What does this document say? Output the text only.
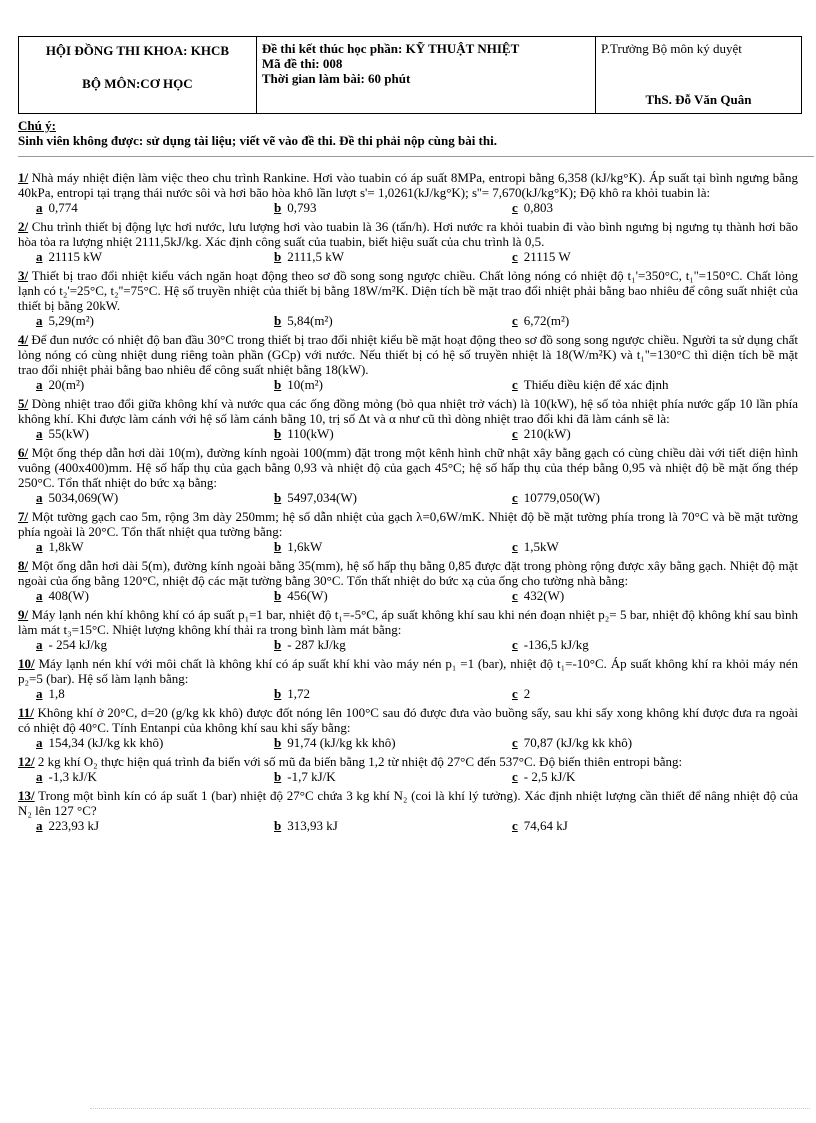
HỘI ĐỒNG THI KHOA: KHCB
BỘ MÔN:CƠ HỌC

Đề thi kết thúc học phần: KỸ THUẬT NHIỆT
Mã đề thi: 008
Thời gian làm bài: 60 phút

P.Trưởng Bộ môn ký duyệt
ThS. Đỗ Văn Quân
Chú ý:
Sinh viên không được: sử dụng tài liệu; viết vẽ vào đề thi. Đề thi phải nộp cùng bài thi.
1/ Nhà máy nhiệt điện làm việc theo chu trình Rankine. Hơi vào tuabin có áp suất 8MPa, entropi bằng 6,358 (kJ/kg°K). Áp suất tại bình ngưng bằng 40kPa, entropi tại trạng thái nước sôi và hơi bão hòa khô lần lượt s'= 1,0261(kJ/kg°K); s''= 7,670(kJ/kg°K); Độ khô ra khỏi tuabin là:
a 0,774	b 0,793	c 0,803
2/ Chu trình thiết bị động lực hơi nước, lưu lượng hơi vào tuabin là 36 (tấn/h). Hơi nước ra khỏi tuabin đi vào bình ngưng bị ngưng tụ thành hơi bão hòa tỏa ra lượng nhiệt 2111,5kJ/kg. Xác định công suất của tuabin, biết hiệu suất của chu trình là 0,5.
a 21115 kW	b 2111,5 kW	c 21115 W
3/ Thiết bị trao đổi nhiệt kiểu vách ngăn hoạt động theo sơ đồ song song ngược chiều. Chất lỏng nóng có nhiệt độ t₁'=350°C, t₁''=150°C. Chất lỏng lạnh có t₂'=25°C, t₂''=75°C. Hệ số truyền nhiệt của thiết bị bằng 18W/m²K. Diện tích bề mặt trao đổi nhiệt phải bằng bao nhiêu để công suất nhiệt của thiết bị bằng 20kW.
a 5,29(m²)	b 5,84(m²)	c 6,72(m²)
4/ Để đun nước có nhiệt độ ban đầu 30°C trong thiết bị trao đổi nhiệt kiểu bề mặt hoạt động theo sơ đồ song song ngược chiều. Người ta sử dụng chất lỏng nóng có cùng nhiệt dung riêng toàn phần (GCp) với nước. Nếu thiết bị có hệ số truyền nhiệt là 18(W/m²K) và t₁''=130°C thì diện tích bề mặt trao đổi nhiệt phải bằng bao nhiêu để công suất nhiệt bằng 18(kW).
a 20(m²)	b 10(m²)	c Thiếu điều kiện để xác định
5/ Dòng nhiệt trao đổi giữa không khí và nước qua các ống đồng mỏng (bỏ qua nhiệt trở vách) là 10(kW), hệ số tỏa nhiệt phía nước gấp 10 lần phía không khí. Khi được làm cánh với hệ số làm cánh bằng 10, trị số Δt và α như cũ thì dòng nhiệt trao đổi khi đã làm cánh sẽ là:
a 55(kW)	b 110(kW)	c 210(kW)
6/ Một ống thép dẫn hơi dài 10(m), đường kính ngoài 100(mm) đặt trong một kênh hình chữ nhật xây bằng gạch có cùng chiều dài với tiết diện hình vuông (400x400)mm. Hệ số hấp thụ của gạch bằng 0,93 và nhiệt độ của gạch 45°C; hệ số hấp thụ của thép bằng 0,95 và nhiệt độ bề mặt ống thép 250°C. Tổn thất nhiệt do bức xạ bằng:
a 5034,069(W)	b 5497,034(W)	c 10779,050(W)
7/ Một tường gạch cao 5m, rộng 3m dày 250mm; hệ số dẫn nhiệt của gạch λ=0,6W/mK. Nhiệt độ bề mặt tường phía trong là 70°C và bề mặt tường phía ngoài là 20°C. Tổn thất nhiệt qua tường bằng:
a 1,8kW	b 1,6kW	c 1,5kW
8/ Một ống dẫn hơi dài 5(m), đường kính ngoài bằng 35(mm), hệ số hấp thụ bằng 0,85 được đặt trong phòng rộng được xây bằng gạch. Nhiệt độ mặt ngoài của ống bằng 120°C, nhiệt độ các mặt tường bằng 30°C. Tổn thất nhiệt do bức xạ của ống cho tường nhà bằng:
a 408(W)	b 456(W)	c 432(W)
9/ Máy lạnh nén khí không khí có áp suất p₁=1 bar, nhiệt độ t₁=-5°C, áp suất không khí sau khi nén đoạn nhiệt p₂= 5 bar, nhiệt độ không khí sau bình làm mát t₃=15°C. Nhiệt lượng không khí thải ra trong bình làm mát bằng:
a - 254 kJ/kg	b - 287 kJ/kg	c -136,5 kJ/kg
10/ Máy lạnh nén khí với môi chất là không khí có áp suất khí khi vào máy nén p₁ =1 (bar), nhiệt độ t₁=-10°C. Áp suất không khí ra khỏi máy nén p₂=5 (bar). Hệ số làm lạnh bằng:
a 1,8	b 1,72	c 2
11/ Không khí ở 20°C, d=20 (g/kg kk khô) được đốt nóng lên 100°C sau đó được đưa vào buồng sấy, sau khi sấy xong không khí được đưa ra ngoài có nhiệt độ 40°C. Tính Entanpi của không khí sau khi sấy bằng:
a 154,34 (kJ/kg kk khô)	b 91,74 (kJ/kg kk khô)	c 70,87 (kJ/kg kk khô)
12/ 2 kg khí O₂ thực hiện quá trình đa biến với số mũ đa biến bằng 1,2 từ nhiệt độ 27°C đến 537°C. Độ biến thiên entropi bằng:
a -1,3 kJ/K	b -1,7 kJ/K	c - 2,5 kJ/K
13/ Trong một bình kín có áp suất 1 (bar) nhiệt độ 27°C chứa 3 kg khí N₂ (coi là khí lý tưởng). Xác định nhiệt lượng cần thiết để nâng nhiệt độ của N₂ lên 127 °C?
a 223,93 kJ	b 313,93 kJ	c 74,64 kJ
